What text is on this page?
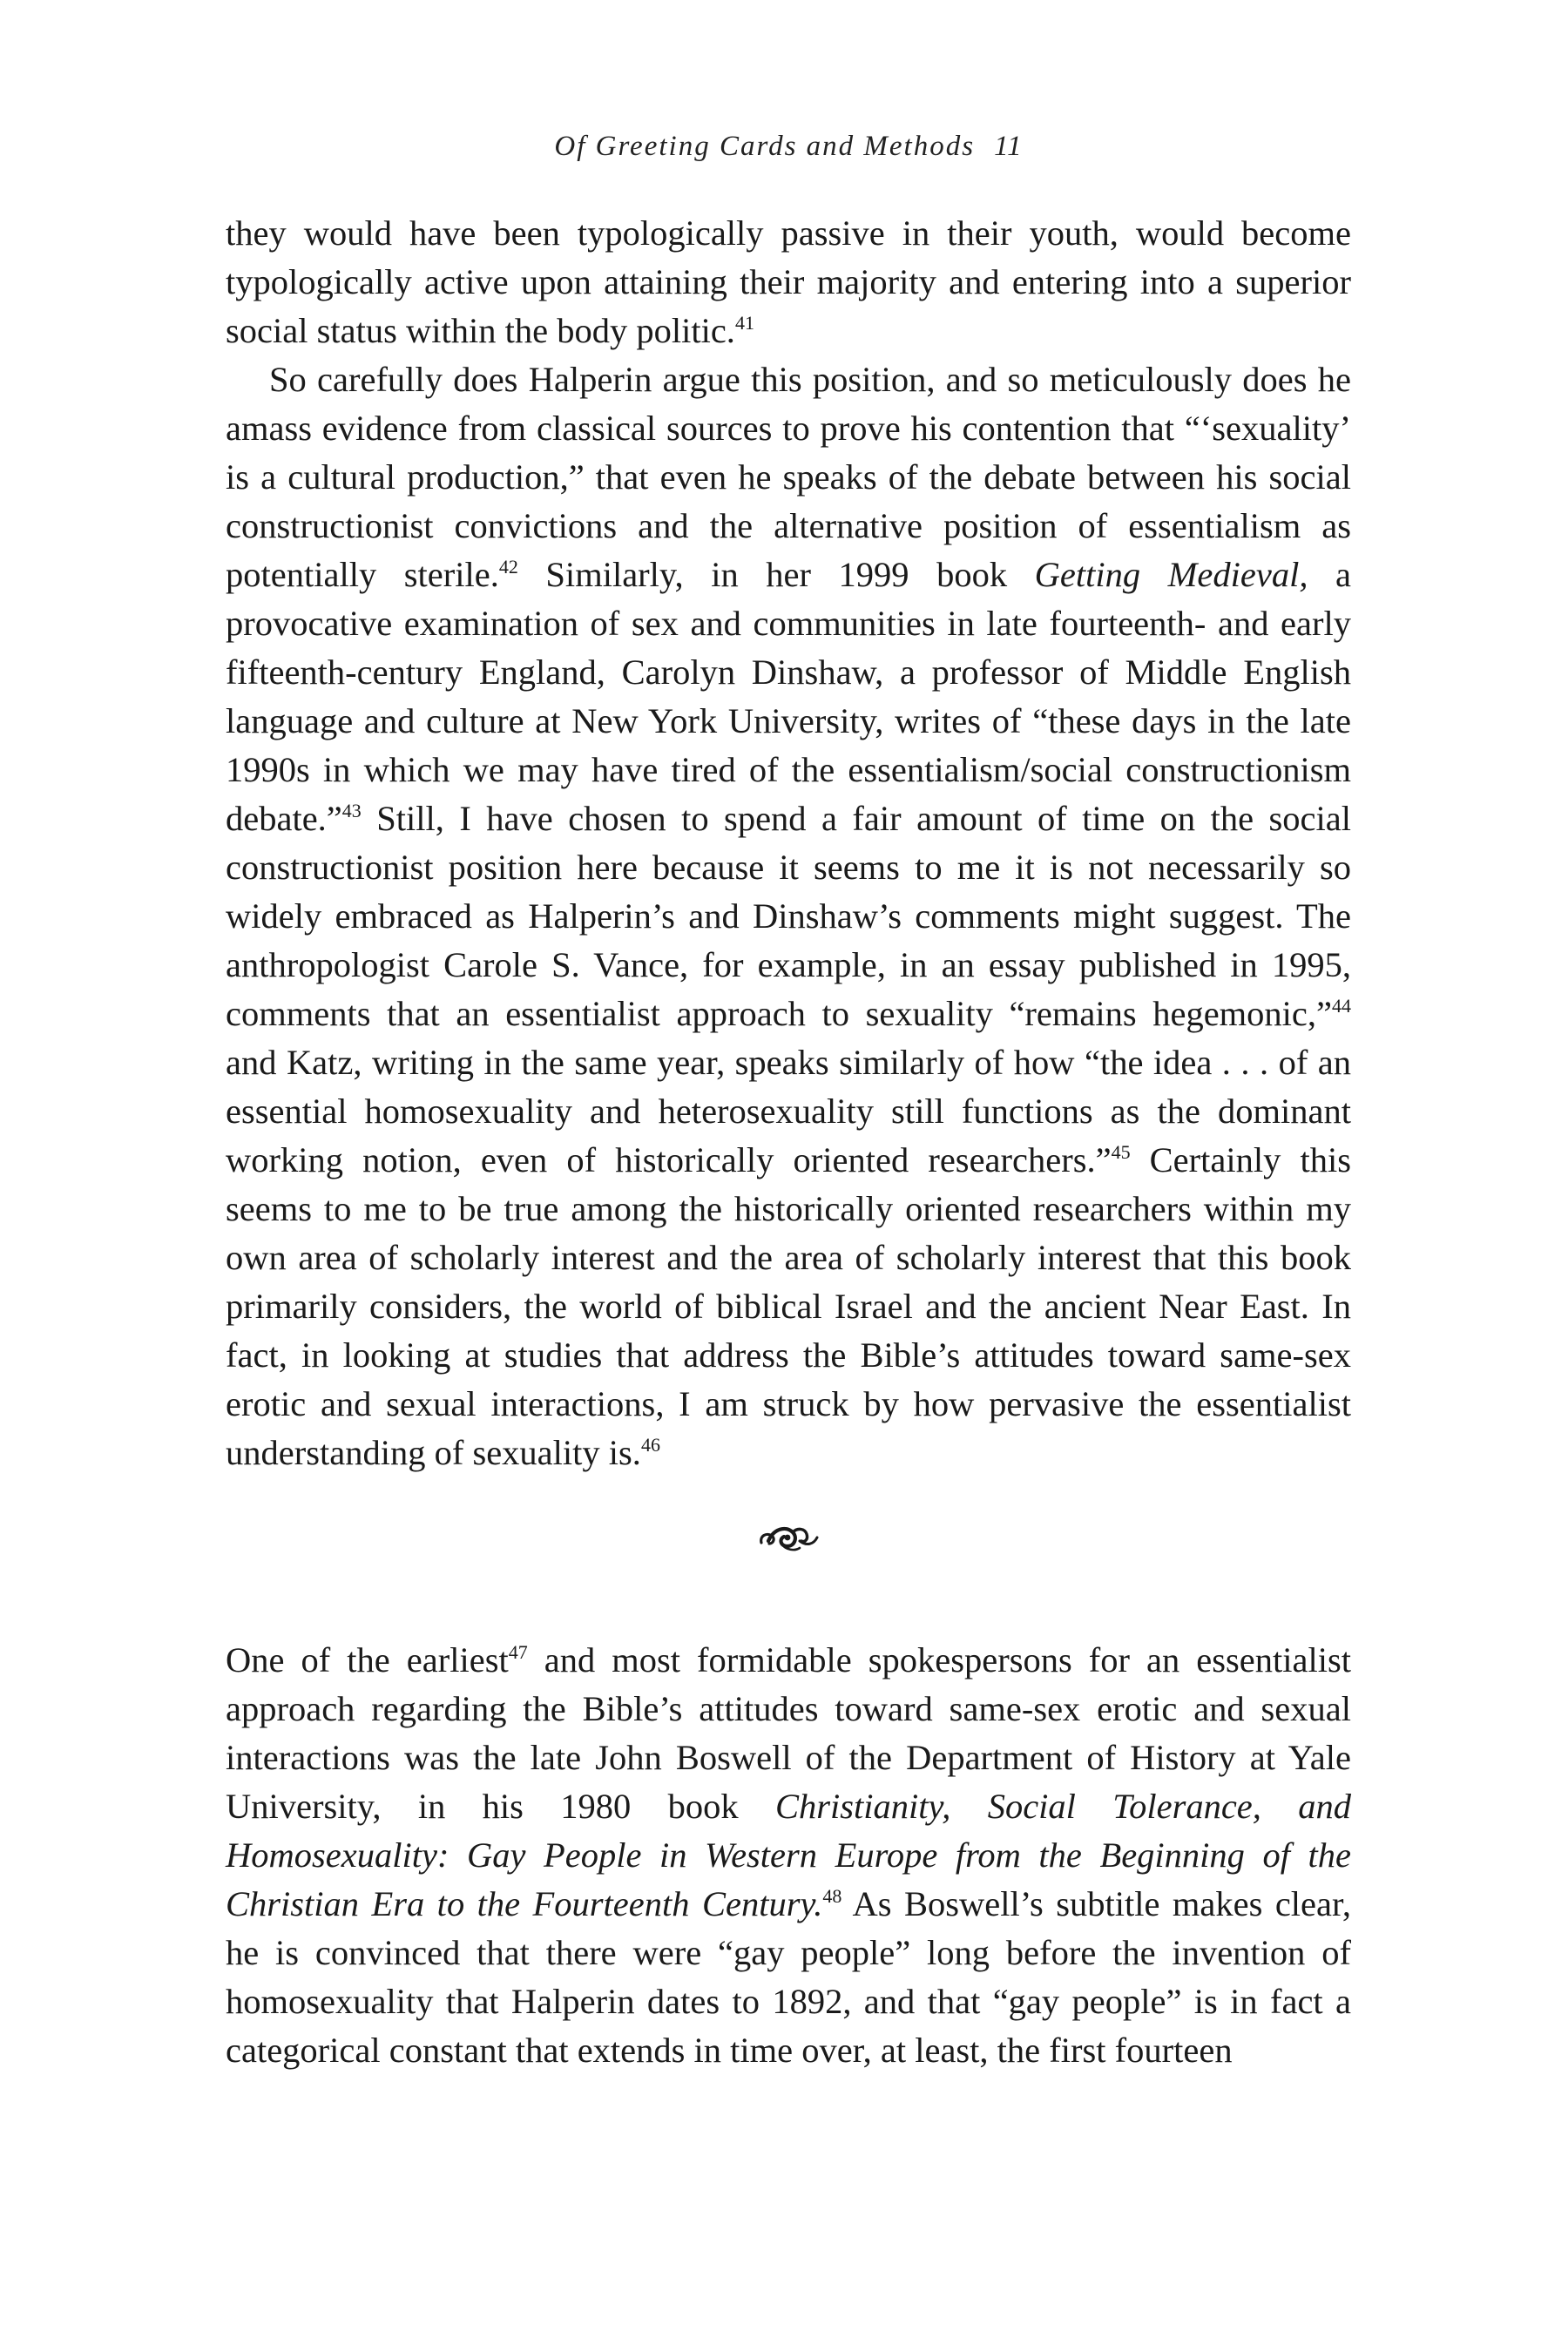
Of Greeting Cards and Methods 11

they would have been typologically passive in their youth, would become typologically active upon attaining their majority and entering into a superior social status within the body politic.$^{41}$

So carefully does Halperin argue this position, and so meticulously does he amass evidence from classical sources to prove his contention that “‘sexuality’ is a cultural production,” that even he speaks of the debate between his social constructionist convictions and the alternative position of essentialism as potentially sterile.$^{42}$ Similarly, in her 1999 book Getting Medieval, a provocative examination of sex and communities in late fourteenth- and early fifteenth-century England, Carolyn Dinshaw, a professor of Middle English language and culture at New York University, writes of “these days in the late 1990s in which we may have tired of the essentialism/social constructionism debate.”$^{43}$ Still, I have chosen to spend a fair amount of time on the social constructionist position here because it seems to me it is not necessarily so widely embraced as Halperin’s and Dinshaw’s comments might suggest. The anthropologist Carole S. Vance, for example, in an essay published in 1995, comments that an essentialist approach to sexuality “remains hegemonic,”$^{44}$ and Katz, writing in the same year, speaks similarly of how “the idea . . . of an essential homosexuality and heterosexuality still functions as the dominant working notion, even of historically oriented researchers.”$^{45}$ Certainly this seems to me to be true among the historically oriented researchers within my own area of scholarly interest and the area of scholarly interest that this book primarily considers, the world of biblical Israel and the ancient Near East. In fact, in looking at studies that address the Bible’s attitudes toward same-sex erotic and sexual interactions, I am struck by how pervasive the essentialist understanding of sexuality is.$^{46}$

One of the earliest$^{47}$ and most formidable spokespersons for an essentialist approach regarding the Bible’s attitudes toward same-sex erotic and sexual interactions was the late John Boswell of the Department of History at Yale University, in his 1980 book Christianity, Social Tolerance, and Homosexuality: Gay People in Western Europe from the Beginning of the Christian Era to the Fourteenth Century.$^{48}$ As Boswell’s subtitle makes clear, he is convinced that there were “gay people” long before the invention of homosexuality that Halperin dates to 1892, and that “gay people” is in fact a categorical constant that extends in time over, at least, the first fourteen
